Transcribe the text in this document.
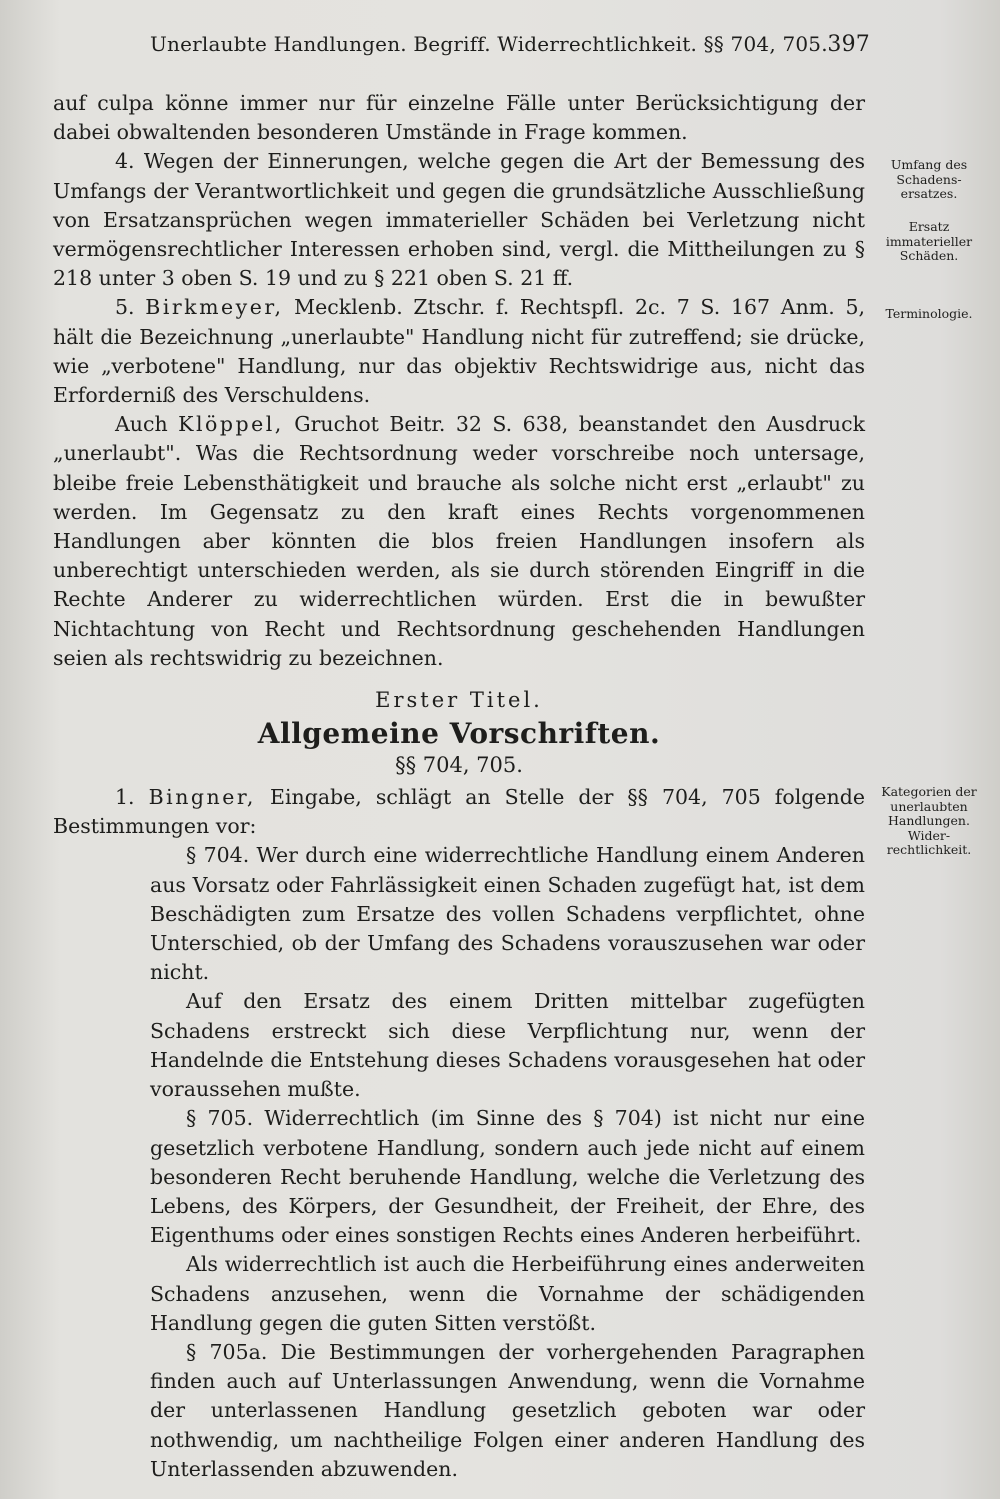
Unerlaubte Handlungen. Begriff. Widerrechtlichkeit. §§ 704, 705. 397
Umfang des Schadens-ersatzes.
Ersatz immaterieller Schäden.
Terminologie.
Kategorien der unerlaubten Handlungen. Wider-rechtlichkeit.

auf culpa könne immer nur für einzelne Fälle unter Berücksichtigung der dabei obwaltenden besonderen Umstände in Frage kommen.

4. Wegen der Einnerungen, welche gegen die Art der Bemessung des Umfangs der Verantwortlichkeit und gegen die grundsätzliche Ausschließung von Ersatzansprüchen wegen immaterieller Schäden bei Verletzung nicht vermögensrechtlicher Interessen erhoben sind, vergl. die Mittheilungen zu § 218 unter 3 oben S. 19 und zu § 221 oben S. 21 ff.

5. Birkmeyer, Mecklenb. Ztschr. f. Rechtspfl. 2c. 7 S. 167 Anm. 5, hält die Bezeichnung „unerlaubte" Handlung nicht für zutreffend; sie drücke, wie „verbotene" Handlung, nur das objektiv Rechtswidrige aus, nicht das Erforderniß des Verschuldens.

Auch Klöppel, Gruchot Beitr. 32 S. 638, beanstandet den Ausdruck „unerlaubt". Was die Rechtsordnung weder vorschreibe noch untersage, bleibe freie Lebensthätigkeit und brauche als solche nicht erst „erlaubt" zu werden. Im Gegensatz zu den kraft eines Rechts vorgenommenen Handlungen aber könnten die blos freien Handlungen insofern als unberechtigt unterschieden werden, als sie durch störenden Eingriff in die Rechte Anderer zu widerrechtlichen würden. Erst die in bewußter Nichtachtung von Recht und Rechtsordnung geschehenden Handlungen seien als rechtswidrig zu bezeichnen.

Erster Titel.
Allgemeine Vorschriften.
§§ 704, 705.

1. Bingner, Eingabe, schlägt an Stelle der §§ 704, 705 folgende Bestimmungen vor:

§ 704. Wer durch eine widerrechtliche Handlung einem Anderen aus Vorsatz oder Fahrlässigkeit einen Schaden zugefügt hat, ist dem Beschädigten zum Ersatze des vollen Schadens verpflichtet, ohne Unterschied, ob der Umfang des Schadens vorauszusehen war oder nicht.

Auf den Ersatz des einem Dritten mittelbar zugefügten Schadens erstreckt sich diese Verpflichtung nur, wenn der Handelnde die Entstehung dieses Schadens vorausgesehen hat oder voraussehen mußte.

§ 705. Widerrechtlich (im Sinne des § 704) ist nicht nur eine gesetzlich verbotene Handlung, sondern auch jede nicht auf einem besonderen Recht beruhende Handlung, welche die Verletzung des Lebens, des Körpers, der Gesundheit, der Freiheit, der Ehre, des Eigenthums oder eines sonstigen Rechts eines Anderen herbeiführt.

Als widerrechtlich ist auch die Herbeiführung eines anderweiten Schadens anzusehen, wenn die Vornahme der schädigenden Handlung gegen die guten Sitten verstößt.

§ 705a. Die Bestimmungen der vorhergehenden Paragraphen finden auch auf Unterlassungen Anwendung, wenn die Vornahme der unterlassenen Handlung gesetzlich geboten war oder nothwendig, um nachtheilige Folgen einer anderen Handlung des Unterlassenden abzuwenden.
